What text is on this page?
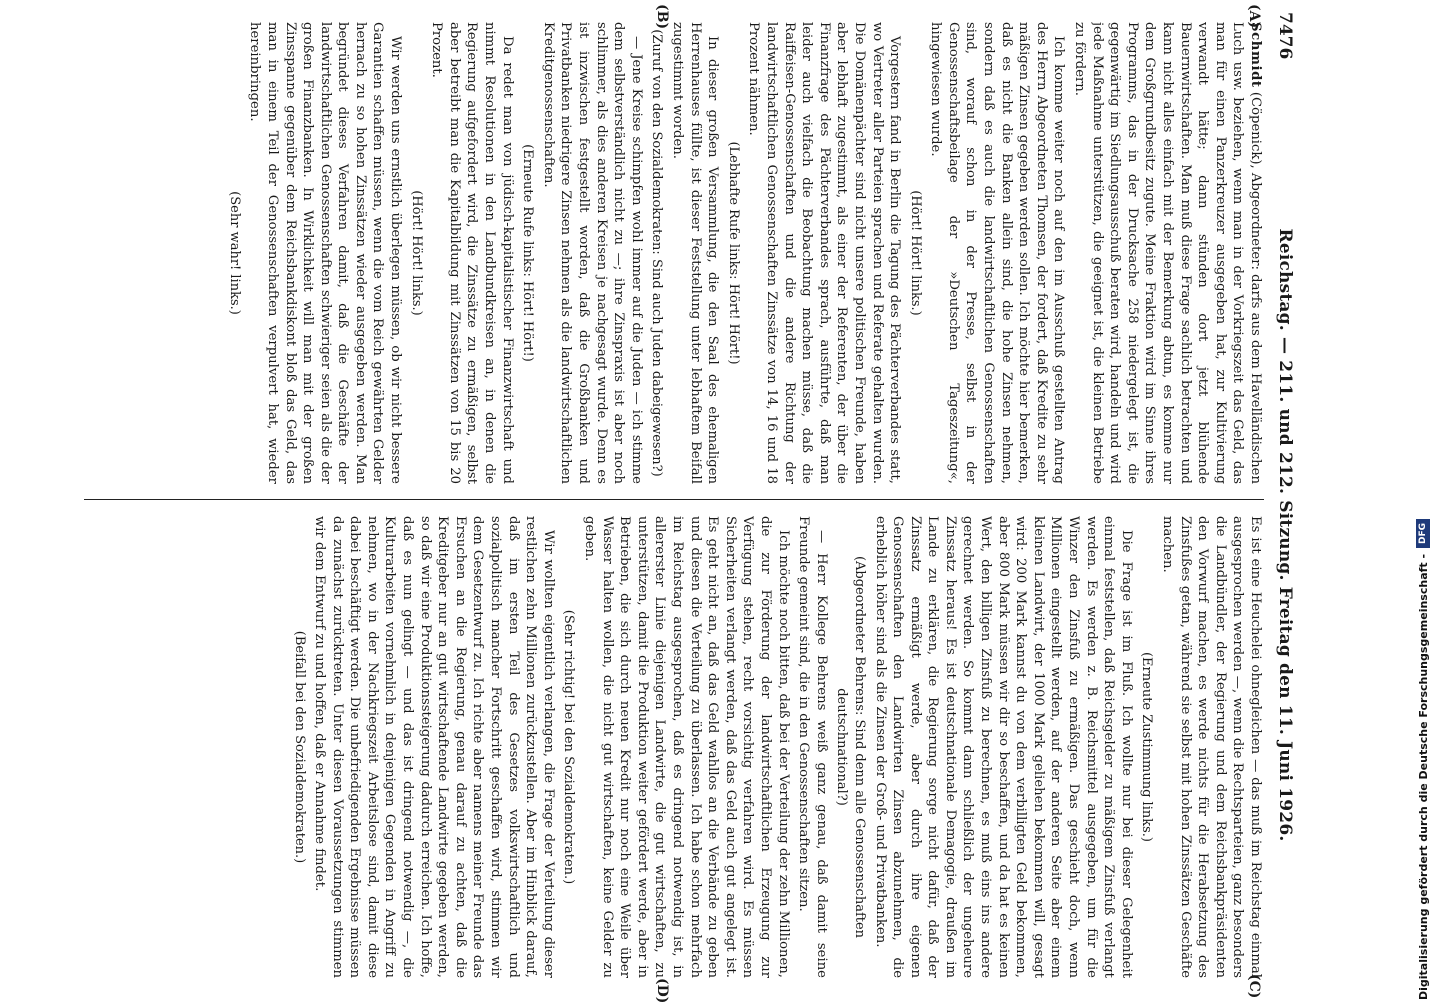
7476
Reichstag. — 211. und 212. Sitzung. Freitag den 11. Juni 1926.
(A)
(B)
(C)
(D)

Schmidt (Cöpenick), Abgeordneter: darfs aus dem Havelländischen Luch usw. beziehen, wenn man in der Vorkriegszeit das Geld, das man für einen Panzerkreuzer ausgegeben hat, zur Kultivierung verwandt hätte; dann stünden dort jetzt blühende Bauernwirtschaften. Man muß diese Frage sachlich betrachten und kann nicht alles einfach mit der Bemerkung abtun, es komme nur dem Großgrundbesitz zugute. Meine Fraktion wird im Sinne ihres Programms, das in der Drucksache 258 niedergelegt ist, die gegenwärtig im Siedlungsausschuß beraten wird, handeln und wird jede Maßnahme unterstützen, die geeignet ist, die kleinen Betriebe zu fördern.

Ich komme weiter noch auf den im Ausschuß gestellten Antrag des Herrn Abgeordneten Thomsen, der fordert, daß Kredite zu sehr mäßigen Zinsen gegeben werden sollen. Ich möchte hier bemerken, daß es nicht die Banken allein sind, die hohe Zinsen nehmen, sondern daß es auch die landwirtschaftlichen Genossenschaften sind, worauf schon in der Presse, selbst in der Genossenschaftsbeilage der »Deutschen Tageszeitung«, hingewiesen wurde.

(Hört! Hört! links.)

Vorgestern fand in Berlin die Tagung des Pächterverbandes statt, wo Vertreter aller Parteien sprachen und Referate gehalten wurden. Die Domänenpächter sind nicht unsere politischen Freunde, haben aber lebhaft zugestimmt, als einer der Referenten, der über die Finanzfrage des Pächterverbandes sprach, ausführte, daß man leider auch vielfach die Beobachtung machen müsse, daß die Raiffeisen-Genossenschaften und die andere Richtung der landwirtschaftlichen Genossenschaften Zinssätze von 14, 16 und 18 Prozent nähmen.

(Lebhafte Rufe links: Hört! Hört!)

In dieser großen Versammlung, die den Saal des ehemaligen Herrenhauses füllte, ist dieser Feststellung unter lebhaftem Beifall zugestimmt worden.

(Zuruf von den Sozialdemokraten: Sind auch Juden dabeigewesen?)

— Jene Kreise schimpfen wohl immer auf die Juden — ich stimme dem selbstverständlich nicht zu —; ihre Zinspraxis ist aber noch schlimmer, als dies anderen Kreisen je nachgesagt wurde. Denn es ist inzwischen festgestellt worden, daß die Großbanken und Privatbanken niedrigere Zinsen nehmen als die landwirtschaftlichen Kreditgenossenschaften.

(Erneute Rufe links: Hört! Hört!)

Da redet man von jüdisch-kapitalistischer Finanzwirtschaft und nimmt Resolutionen in den Landbundkreisen an, in denen die Regierung aufgefordert wird, die Zinssätze zu ermäßigen, selbst aber betreibt man die Kapitalbildung mit Zinssätzen von 15 bis 20 Prozent.

(Hört! Hört! links.)

Wir werden uns ernstlich überlegen müssen, ob wir nicht bessere Garantien schaffen müssen, wenn die vom Reich gewährten Gelder hernach zu so hohen Zinssätzen wieder ausgegeben werden. Man begründet dieses Verfahren damit, daß die Geschäfte der landwirtschaftlichen Genossenschaften schwieriger seien als die der großen Finanzbanken. In Wirklichkeit will man mit der großen Zinsspanne gegenüber dem Reichsbankdiskont bloß das Geld, das man in einem Teil der Genossenschaften verpulvert hat, wieder hereinbringen.

(Sehr wahr! links.)

Es ist eine Heuchelei ohnegleichen — das muß im Reichstag einmal ausgesprochen werden —, wenn die Rechtsparteien, ganz besonders die Landbündler, der Regierung und dem Reichsbankpräsidenten den Vorwurf machen, es werde nichts für die Herabsetzung des Zinsfußes getan, während sie selbst mit hohen Zinssätzen Geschäfte machen.

(Erneute Zustimmung links.)

Die Frage ist im Fluß. Ich wollte nur bei dieser Gelegenheit einmal feststellen, daß Reichsgelder zu mäßigem Zinsfuß verlangt werden. Es werden z. B. Reichsmittel ausgegeben, um für die Winzer den Zinsfuß zu ermäßigen. Das geschieht doch, wenn Millionen eingestellt werden, auf der anderen Seite aber einem kleinen Landwirt, der 1000 Mark geliehen bekommen will, gesagt wird: 200 Mark kannst du von dem verbilligten Geld bekommen, aber 800 Mark müssen wir dir so beschaffen, und da hat es keinen Wert, den billigen Zinsfuß zu berechnen, es muß eins ins andere gerechnet werden. So kommt dann schließlich der ungeheure Zinssatz heraus! Es ist deutschnationale Demagogie, draußen im Lande zu erklären, die Regierung sorge nicht dafür, daß der Zinssatz ermäßigt werde, aber durch ihre eigenen Genossenschaften den Landwirten Zinsen abzunehmen, die erheblich höher sind als die Zinsen der Groß- und Privatbanken.

(Abgeordneter Behrens: Sind denn alle Genossenschaften deutschnational?)

— Herr Kollege Behrens weiß ganz genau, daß damit seine Freunde gemeint sind, die in den Genossenschaften sitzen.

Ich möchte noch bitten, daß bei der Verteilung der zehn Millionen, die zur Förderung der landwirtschaftlichen Erzeugung zur Verfügung stehen, recht vorsichtig verfahren wird. Es müssen Sicherheiten verlangt werden, daß das Geld auch gut angelegt ist. Es geht nicht an, daß das Geld wahllos an die Verbände zu geben und diesen die Verteilung zu überlassen. Ich habe schon mehrfach im Reichstag ausgesprochen, daß es dringend notwendig ist, in allererster Linie diejenigen Landwirte, die gut wirtschaften, zu unterstützen, damit die Produktion weiter gefördert werde, aber in Betrieben, die sich durch neuen Kredit nur noch eine Weile über Wasser halten wollen, die nicht gut wirtschaften, keine Gelder zu geben.

(Sehr richtig! bei den Sozialdemokraten.)

Wir wollten eigentlich verlangen, die Frage der Verteilung dieser restlichen zehn Millionen zurückzustellen. Aber im Hinblick darauf, daß im ersten Teil des Gesetzes volkswirtschaftlich und sozialpolitisch mancher Fortschritt geschaffen wird, stimmen wir dem Gesetzentwurf zu. Ich richte aber namens meiner Freunde das Ersuchen an die Regierung, genau darauf zu achten, daß die Kreditgeber nur an gut wirtschaftende Landwirte gegeben werden, so daß wir eine Produktionssteigerung dadurch erreichen. Ich hoffe, daß es nun gelingt — und das ist dringend notwendig —, die Kulturarbeiten vornehmlich in denjenigen Gegenden in Angriff zu nehmen, wo in der Nachkriegszeit Arbeitslose sind, damit diese dabei beschäftigt werden. Die unbefriedigenden Ergebnisse müssen da zunächst zurücktreten. Unter diesen Voraussetzungen stimmen wir dem Entwurf zu und hoffen, daß er Annahme findet.

(Beifall bei den Sozialdemokraten.)	Digitalisierung gefördert durch die Deutsche Forschungsgemeinschaft -
DFG
